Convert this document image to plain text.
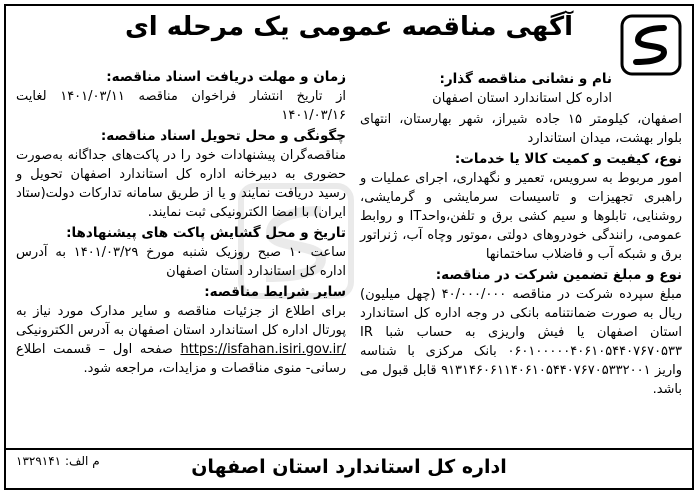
آگهی مناقصه عمومی یک مرحله ای
نام و نشانی مناقصه گذار:
اداره کل استاندارد استان اصفهان
اصفهان، کیلومتر ۱۵ جاده شیراز، شهر بهارستان، انتهای بلوار بهشت، میدان استاندارد
نوع، کیفیت و کمیت کالا یا خدمات:
امور مربوط به سرویس، تعمیر و نگهداری، اجرای عملیات و راهبری تجهیزات و تاسیسات سرمایشی و گرمایشی، روشنایی، تابلوها و سیم کشی برق و تلفن،واحدIT و روابط عمومی، رانندگی خودروهای دولتی ،موتور وچاه آب، ژنراتور برق و شبکه آب و فاضلاب ساختمانها
نوع و مبلغ تضمین شرکت در مناقصه:
مبلغ سپرده شرکت در مناقصه ۴۰/۰۰۰/۰۰۰ (چهل میلیون) ریال به صورت ضمانتنامه بانکی در وجه اداره کل استاندارد استان اصفهان یا فیش واریزی به حساب شبا IR ۰۶۰۱۰۰۰۰۰۴۰۶۱۰۵۴۴۰۷۶۷۰۵۳۳ بانک مرکزی با شناسه واریز ۹۱۳۱۴۶۰۶۱۱۴۰۶۱۰۵۴۴۰۷۶۷۰۵۳۳۲۰۰۱ قابل قبول می باشد.
زمان و مهلت دریافت اسناد مناقصه:
از تاریخ انتشار فراخوان مناقصه ۱۴۰۱/۰۳/۱۱ لغایت ۱۴۰۱/۰۳/۱۶
چگونگی و محل تحویل اسناد مناقصه:
مناقصه‌گران پیشنهادات خود را در پاکت‌های جداگانه به‌صورت حضوری به دبیرخانه اداره کل استاندارد اصفهان تحویل و رسید دریافت نمایند و یا از طریق سامانه تدارکات دولت(ستاد ایران) با امضا الکترونیکی ثبت نمایند.
تاریخ و محل گشایش پاکت های پیشنهادها:
ساعت ۱۰ صبح روزیک شنبه مورخ ۱۴۰۱/۰۳/۲۹ به آدرس اداره کل استاندارد استان اصفهان
سایر شرایط مناقصه:
برای اطلاع از جزئیات مناقصه و سایر مدارک مورد نیاز به پورتال اداره کل استاندارد استان اصفهان به آدرس الکترونیکی https://isfahan.isiri.gov.ir/ صفحه اول – قسمت اطلاع رسانی- منوی مناقصات و مزایدات، مراجعه شود.
م الف: ۱۳۲۹۱۴۱	اداره کل استاندارد استان اصفهان
